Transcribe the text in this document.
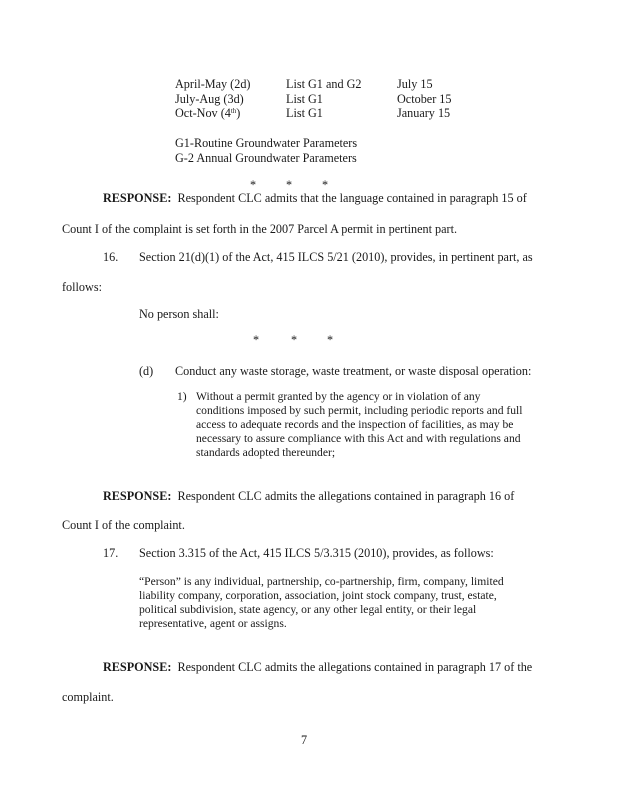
April-May (2d)	List G1 and G2	July 15
July-Aug (3d)	List G1	October 15
Oct-Nov (4th)	List G1	January 15
G1-Routine Groundwater Parameters
G-2 Annual Groundwater Parameters
* * *
RESPONSE: Respondent CLC admits that the language contained in paragraph 15 of
Count I of the complaint is set forth in the 2007 Parcel A permit in pertinent part.
16. Section 21(d)(1) of the Act, 415 ILCS 5/21 (2010), provides, in pertinent part, as
follows:
No person shall:
*	* *
(d) Conduct any waste storage, waste treatment, or waste disposal operation:
1) Without a permit granted by the agency or in violation of any
conditions imposed by such permit, including periodic reports and full
access to adequate records and the inspection of facilities, as may be
necessary to assure compliance with this Act and with regulations and
standards adopted thereunder;
RESPONSE: Respondent CLC admits the allegations contained in paragraph 16 of
Count I of the complaint.
17. Section 3.315 of the Act, 415 ILCS 5/3.315 (2010), provides, as follows:
“Person” is any individual, partnership, co-partnership, firm, company, limited
liability company, corporation, association, joint stock company, trust, estate,
political subdivision, state agency, or any other legal entity, or their legal
representative, agent or assigns.
RESPONSE: Respondent CLC admits the allegations contained in paragraph 17 of the
complaint.
7
